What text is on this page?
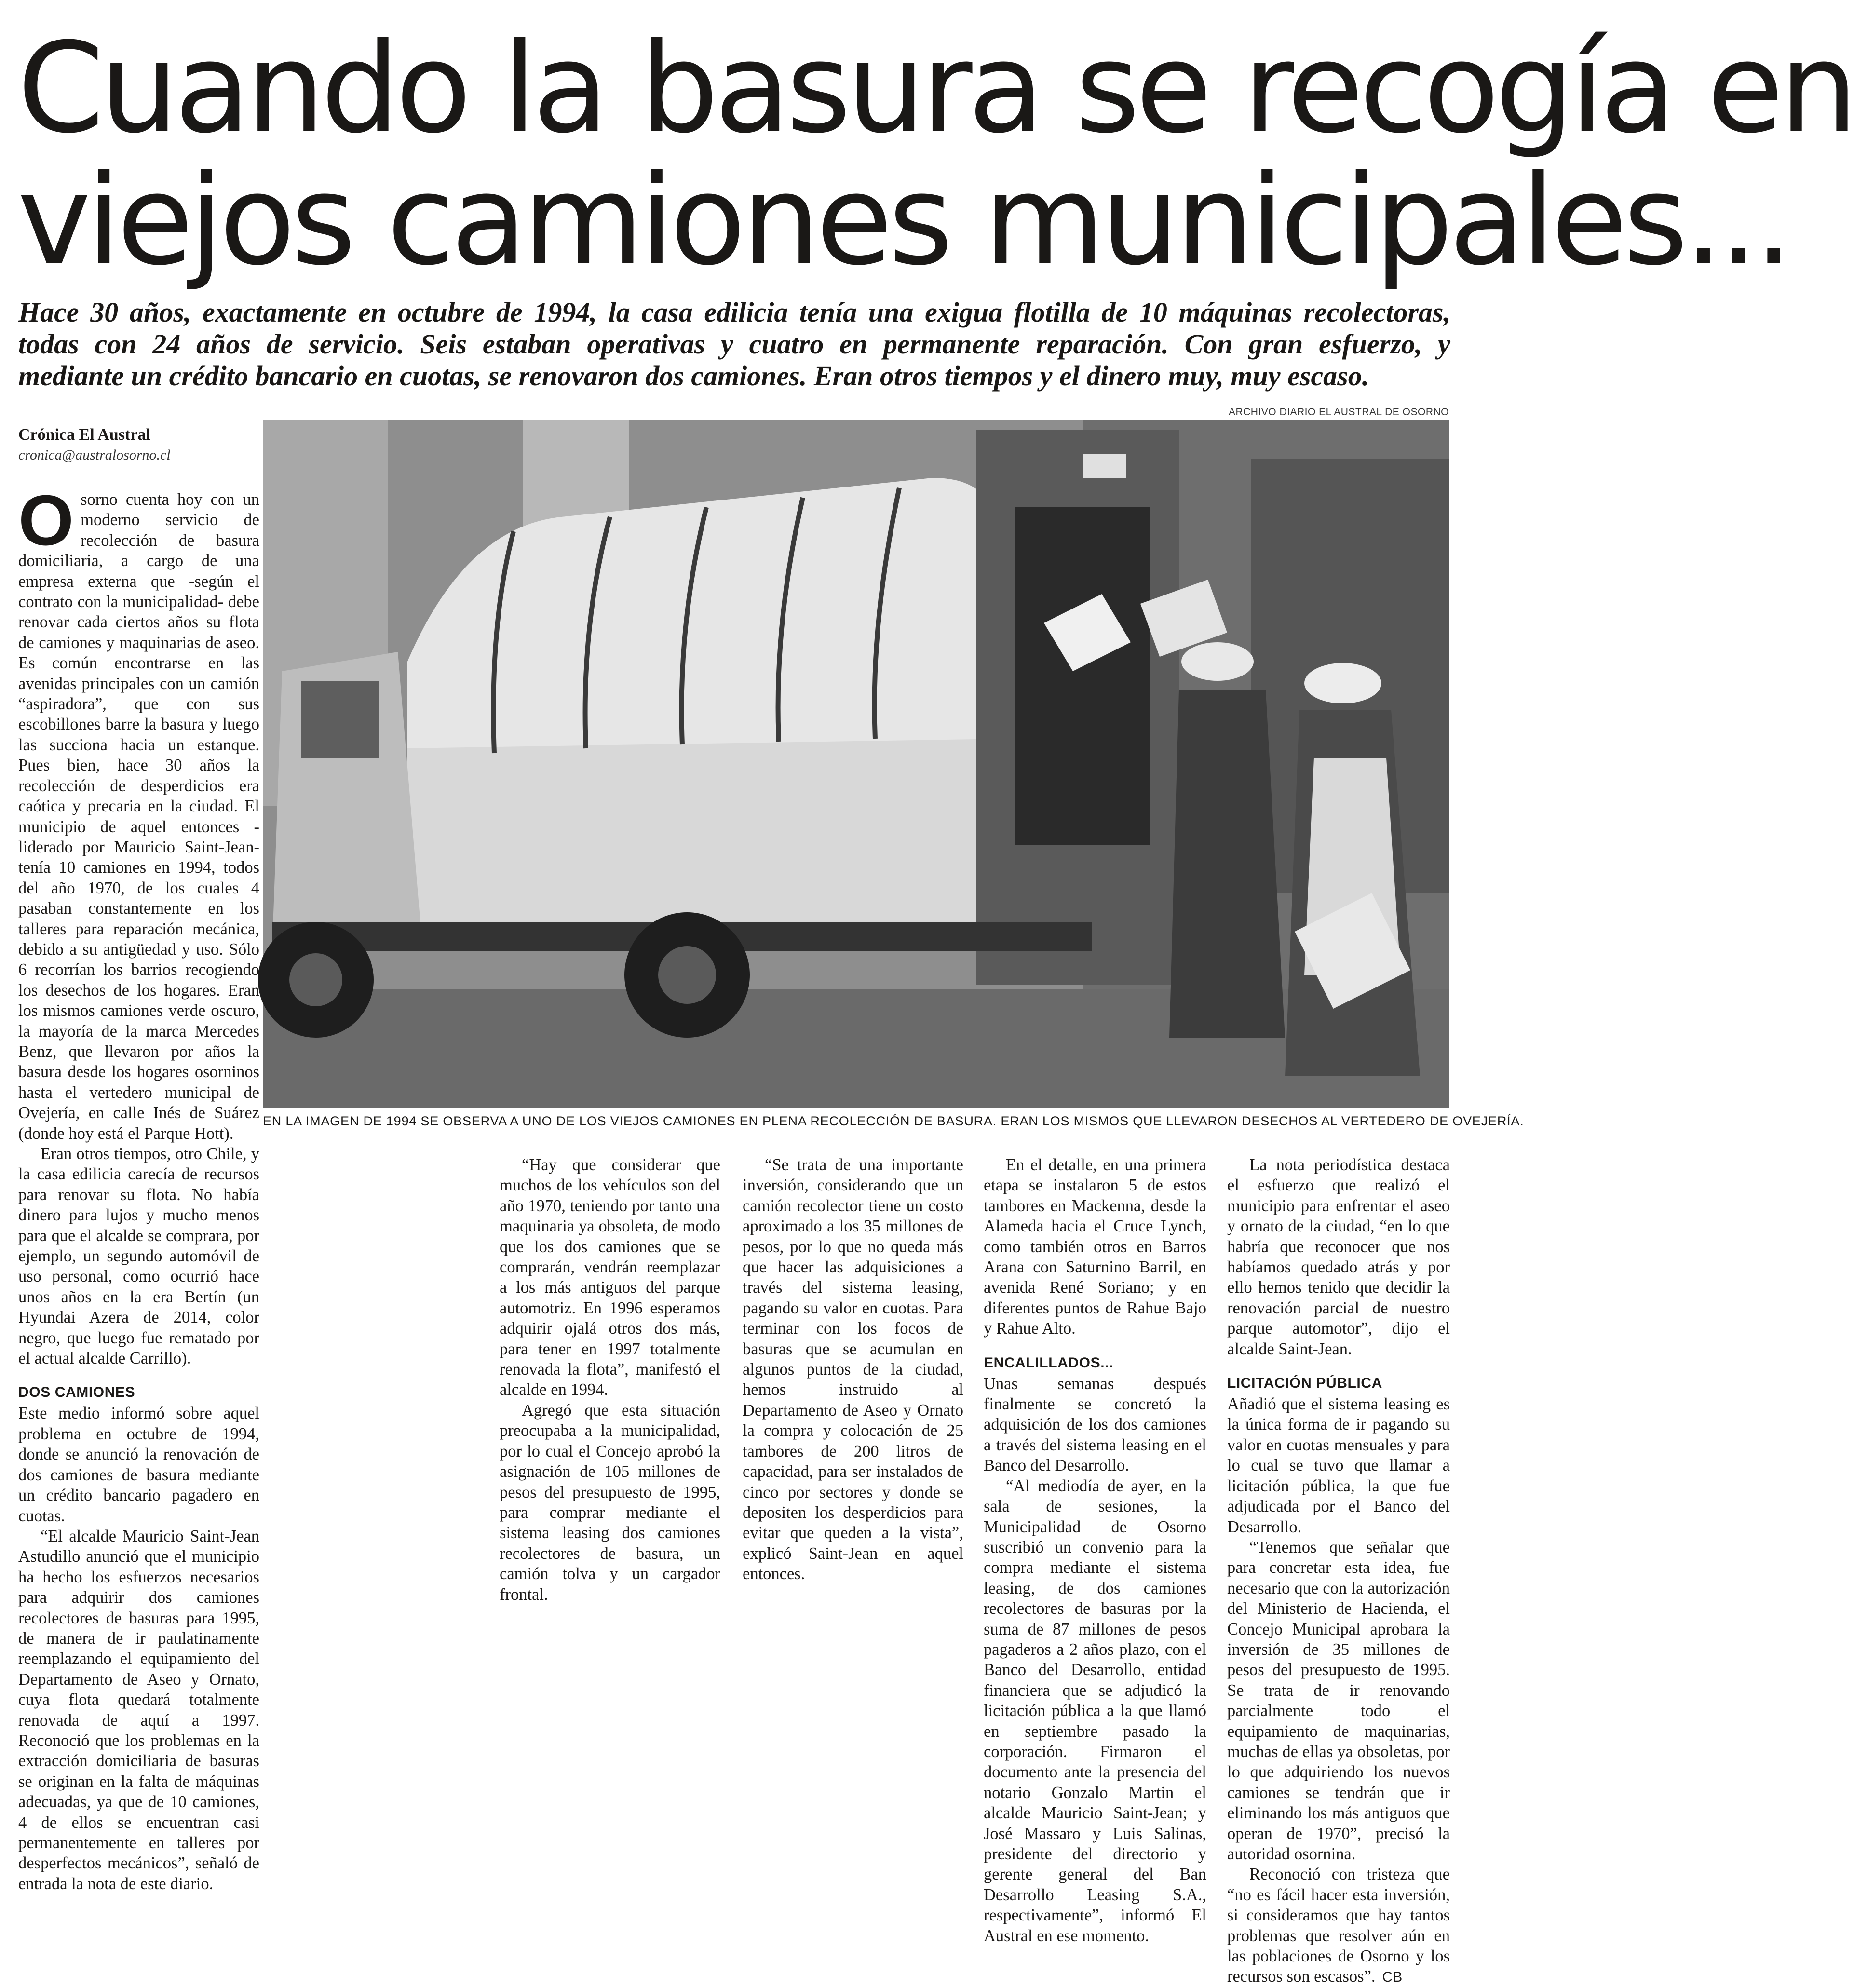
Cuando la basura se recogía en
viejos camiones municipales...
Hace 30 años, exactamente en octubre de 1994, la casa edilicia tenía una exigua flotilla de 10 máquinas recolectoras,
todas con 24 años de servicio. Seis estaban operativas y cuatro en permanente reparación. Con gran esfuerzo, y
mediante un crédito bancario en cuotas, se renovaron dos camiones. Eran otros tiempos y el dinero muy, muy escaso.
ARCHIVO DIARIO EL AUSTRAL DE OSORNO
Crónica El Austral
cronica@australosorno.cl
EN LA IMAGEN DE 1994 SE OBSERVA A UNO DE LOS VIEJOS CAMIONES EN PLENA RECOLECCIÓN DE BASURA. ERAN LOS MISMOS QUE LLEVARON DESECHOS AL VERTEDERO DE OVEJERÍA.

Osorno cuenta hoy con un moderno servicio de recolección de basura domiciliaria, a cargo de una empresa externa que -según el contrato con la municipalidad- debe renovar cada ciertos años su flota de camiones y maquinarias de aseo. Es común encontrarse en las avenidas principales con un camión “aspiradora”, que con sus escobillones barre la basura y luego las succiona hacia un estanque. Pues bien, hace 30 años la recolección de desperdicios era caótica y precaria en la ciudad. El municipio de aquel entonces -liderado por Mauricio Saint-Jean- tenía 10 camiones en 1994, todos del año 1970, de los cuales 4 pasaban constantemente en los talleres para reparación mecánica, debido a su antigüedad y uso. Sólo 6 recorrían los barrios recogiendo los desechos de los hogares. Eran los mismos camiones verde oscuro, la mayoría de la marca Mercedes Benz, que llevaron por años la basura desde los hogares osorninos hasta el vertedero municipal de Ovejería, en calle Inés de Suárez (donde hoy está el Parque Hott).

Eran otros tiempos, otro Chile, y la casa edilicia carecía de recursos para renovar su flota. No había dinero para lujos y mucho menos para que el alcalde se comprara, por ejemplo, un segundo automóvil de uso personal, como ocurrió hace unos años en la era Bertín (un Hyundai Azera de 2014, color negro, que luego fue rematado por el actual alcalde Carrillo).

DOS CAMIONES

Este medio informó sobre aquel problema en octubre de 1994, donde se anunció la renovación de dos camiones de basura mediante un crédito bancario pagadero en cuotas.

“El alcalde Mauricio Saint-Jean Astudillo anunció que el municipio ha hecho los esfuerzos necesarios para adquirir dos camiones recolectores de basuras para 1995, de manera de ir paulatinamente reemplazando el equipamiento del Departamento de Aseo y Ornato, cuya flota quedará totalmente renovada de aquí a 1997. Reconoció que los problemas en la extracción domiciliaria de basuras se originan en la falta de máquinas adecuadas, ya que de 10 camiones, 4 de ellos se encuentran casi permanentemente en talleres por desperfectos mecánicos”, señaló de entrada la nota de este diario.

“Hay que considerar que muchos de los vehículos son del año 1970, teniendo por tanto una maquinaria ya obsoleta, de modo que los dos camiones que se comprarán, vendrán reemplazar a los más antiguos del parque automotriz. En 1996 esperamos adquirir ojalá otros dos más, para tener en 1997 totalmente renovada la flota”, manifestó el alcalde en 1994.

Agregó que esta situación preocupaba a la municipalidad, por lo cual el Concejo aprobó la asignación de 105 millones de pesos del presupuesto de 1995, para comprar mediante el sistema leasing dos camiones recolectores de basura, un camión tolva y un cargador frontal.

“Se trata de una importante inversión, considerando que un camión recolector tiene un costo aproximado a los 35 millones de pesos, por lo que no queda más que hacer las adquisiciones a través del sistema leasing, pagando su valor en cuotas. Para terminar con los focos de basuras que se acumulan en algunos puntos de la ciudad, hemos instruido al Departamento de Aseo y Ornato la compra y colocación de 25 tambores de 200 litros de capacidad, para ser instalados de cinco por sectores y donde se depositen los desperdicios para evitar que queden a la vista”, explicó Saint-Jean en aquel entonces.

En el detalle, en una primera etapa se instalaron 5 de estos tambores en Mackenna, desde la Alameda hacia el Cruce Lynch, como también otros en Barros Arana con Saturnino Barril, en avenida René Soriano; y en diferentes puntos de Rahue Bajo y Rahue Alto.

ENCALILLADOS...

Unas semanas después finalmente se concretó la adquisición de los dos camiones a través del sistema leasing en el Banco del Desarrollo.

“Al mediodía de ayer, en la sala de sesiones, la Municipalidad de Osorno suscribió un convenio para la compra mediante el sistema leasing, de dos camiones recolectores de basuras por la suma de 87 millones de pesos pagaderos a 2 años plazo, con el Banco del Desarrollo, entidad financiera que se adjudicó la licitación pública a la que llamó en septiembre pasado la corporación. Firmaron el documento ante la presencia del notario Gonzalo Martin el alcalde Mauricio Saint-Jean; y José Massaro y Luis Salinas, presidente del directorio y gerente general del Ban Desarrollo Leasing S.A., respectivamente”, informó El Austral en ese momento.

La nota periodística destaca el esfuerzo que realizó el municipio para enfrentar el aseo y ornato de la ciudad, “en lo que habría que reconocer que nos habíamos quedado atrás y por ello hemos tenido que decidir la renovación parcial de nuestro parque automotor”, dijo el alcalde Saint-Jean.

LICITACIÓN PÚBLICA

Añadió que el sistema leasing es la única forma de ir pagando su valor en cuotas mensuales y para lo cual se tuvo que llamar a licitación pública, la que fue adjudicada por el Banco del Desarrollo.

“Tenemos que señalar que para concretar esta idea, fue necesario que con la autorización del Ministerio de Hacienda, el Concejo Municipal aprobara la inversión de 35 millones de pesos del presupuesto de 1995. Se trata de ir renovando parcialmente todo el equipamiento de maquinarias, muchas de ellas ya obsoletas, por lo que adquiriendo los nuevos camiones se tendrán que ir eliminando los más antiguos que operan de 1970”, precisó la autoridad osornina.

Reconoció con tristeza que “no es fácil hacer esta inversión, si consideramos que hay tantos problemas que resolver aún en las poblaciones de Osorno y los recursos son escasos”. CB
